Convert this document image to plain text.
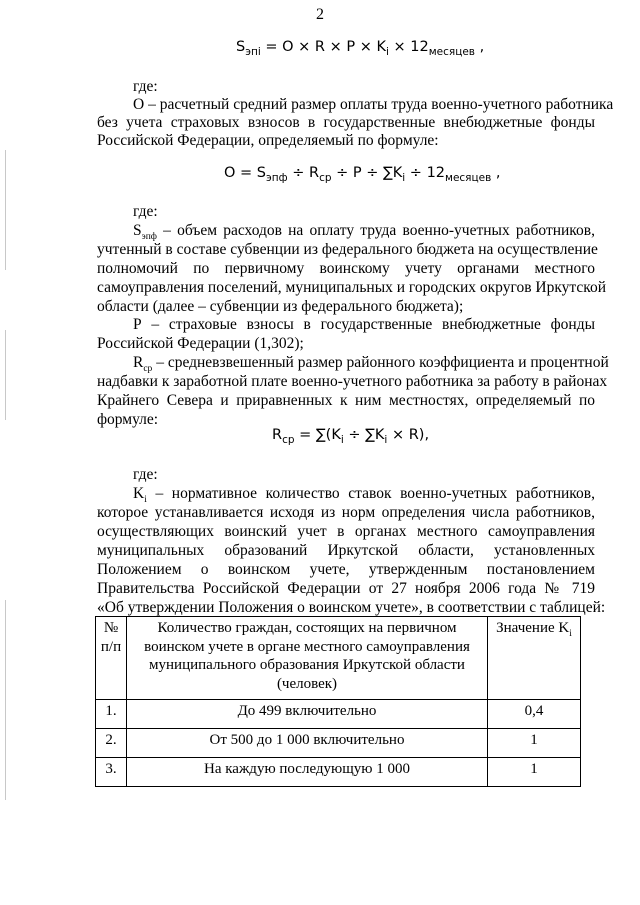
2
$S_{эпi} = O \times R \times P \times K_i \times 12_{месяцев}$ ,
где:
О – расчетный средний размер оплаты труда военно-учетного работника
без учета страховых взносов в государственные внебюджетные фонды
Российской Федерации, определяемый по формуле:
$O = S_{эпф} \div R_{ср} \div P \div \sum K_i \div 12_{месяцев}$ ,
где:
$S_{эпф}$ – объем расходов на оплату труда военно-учетных работников,
учтенный в составе субвенции из федерального бюджета на осуществление
полномочий по первичному воинскому учету органами местного
самоуправления поселений, муниципальных и городских округов Иркутской
области (далее – субвенции из федерального бюджета);
Р – страховые взносы в государственные внебюджетные фонды
Российской Федерации (1,302);
$R_{ср}$ – средневзвешенный размер районного коэффициента и процентной
надбавки к заработной плате военно-учетного работника за работу в районах
Крайнего Севера и приравненных к ним местностях, определяемый по
формуле:
$R_{ср} = \sum(K_i \div \sum K_i \times R)$,
где:
$K_i$ – нормативное количество ставок военно-учетных работников,
которое устанавливается исходя из норм определения числа работников,
осуществляющих воинский учет в органах местного самоуправления
муниципальных образований Иркутской области, установленных
Положением о воинском учете, утвержденным постановлением
Правительства Российской Федерации от 27 ноября 2006 года № 719
«Об утверждении Положения о воинском учете», в соответствии с таблицей:
№ п/п	Количество граждан, состоящих на первичном воинском учете в органе местного самоуправления муниципального образования Иркутской области (человек)	Значение $K_i$
1.	До 499 включительно	0,4
2.	От 500 до 1 000 включительно	1
3.	На каждую последующую 1 000	1
